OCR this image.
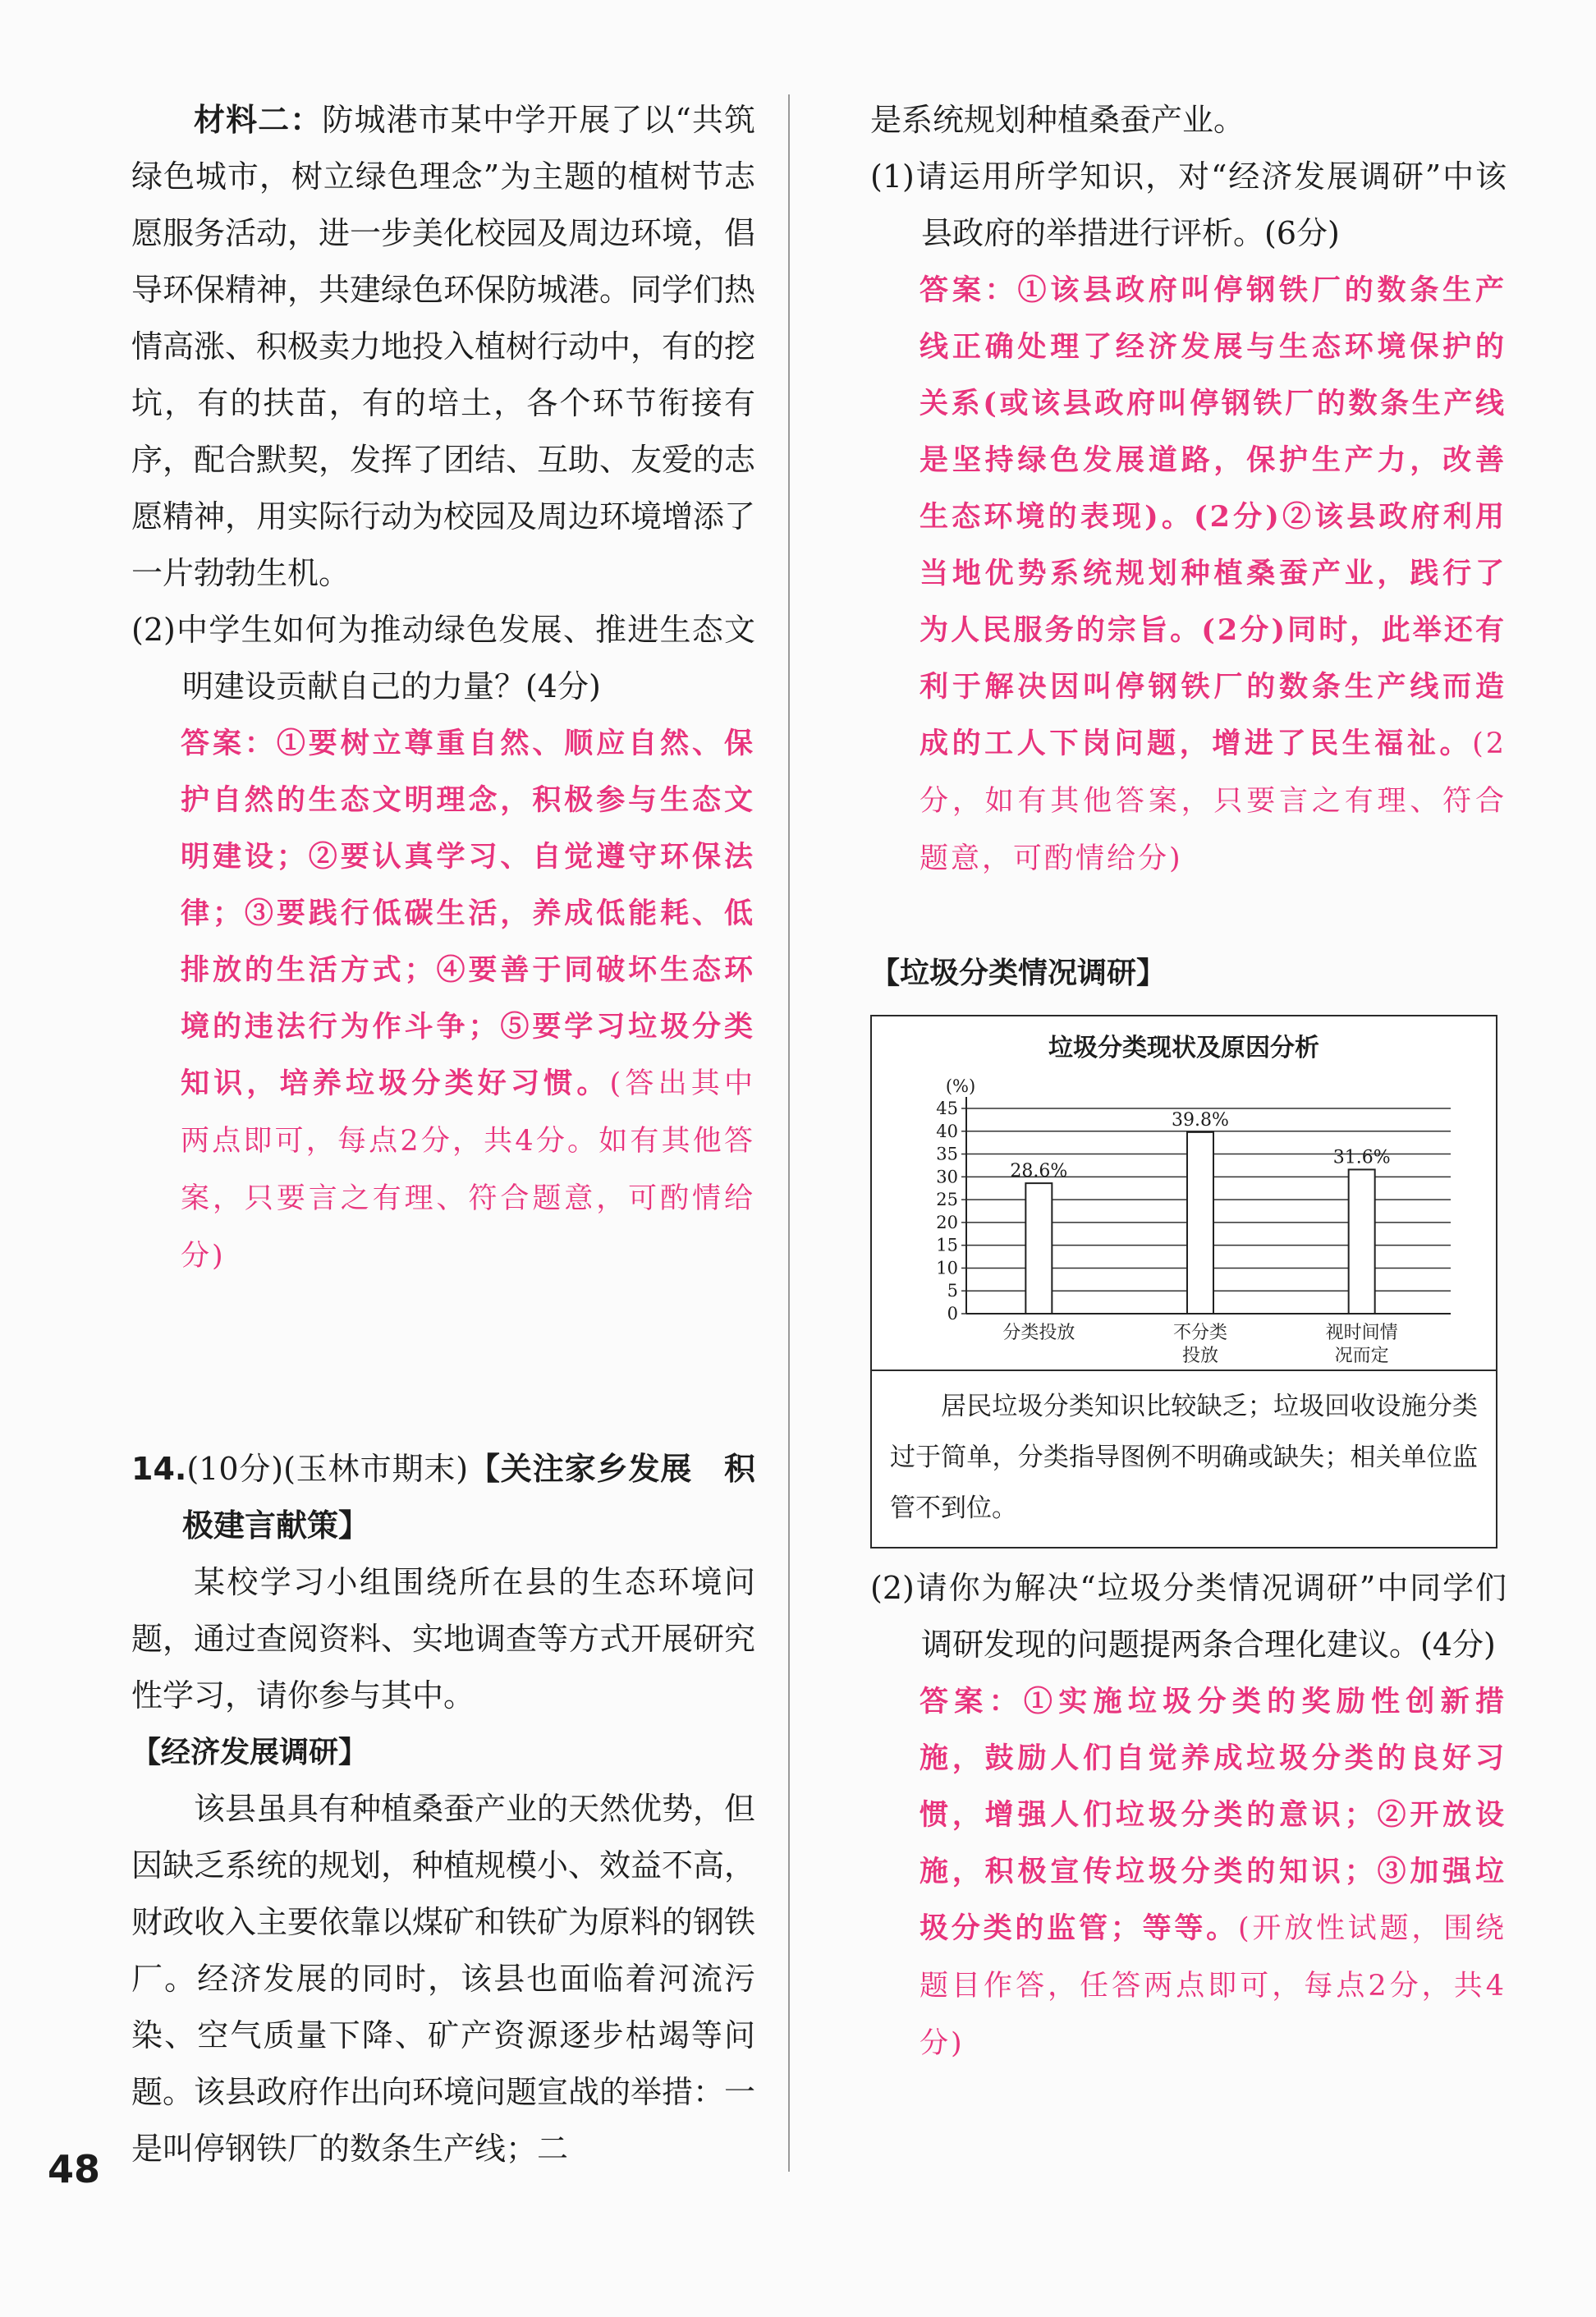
材料二：防城港市某中学开展了以“共筑绿色城市，树立绿色理念”为主题的植树节志愿服务活动，进一步美化校园及周边环境，倡导环保精神，共建绿色环保防城港。同学们热情高涨、积极卖力地投入植树行动中，有的挖坑，有的扶苗，有的培土，各个环节衔接有序，配合默契，发挥了团结、互助、友爱的志愿精神，用实际行动为校园及周边环境增添了一片勃勃生机。

(2)中学生如何为推动绿色发展、推进生态文明建设贡献自己的力量？(4分)

答案：①要树立尊重自然、顺应自然、保护自然的生态文明理念，积极参与生态文明建设；②要认真学习、自觉遵守环保法律；③要践行低碳生活，养成低能耗、低排放的生活方式；④要善于同破坏生态环境的违法行为作斗争；⑤要学习垃圾分类知识，培养垃圾分类好习惯。(答出其中两点即可，每点2分，共4分。如有其他答案，只要言之有理、符合题意，可酌情给分)

14.(10分)(玉林市期末)【关注家乡发展　积极建言献策】

某校学习小组围绕所在县的生态环境问题，通过查阅资料、实地调查等方式开展研究性学习，请你参与其中。

【经济发展调研】

该县虽具有种植桑蚕产业的天然优势，但因缺乏系统的规划，种植规模小、效益不高，财政收入主要依靠以煤矿和铁矿为原料的钢铁厂。经济发展的同时，该县也面临着河流污染、空气质量下降、矿产资源逐步枯竭等问题。该县政府作出向环境问题宣战的举措：一是叫停钢铁厂的数条生产线；二

是系统规划种植桑蚕产业。

(1)请运用所学知识，对“经济发展调研”中该县政府的举措进行评析。(6分)

答案：①该县政府叫停钢铁厂的数条生产线正确处理了经济发展与生态环境保护的关系(或该县政府叫停钢铁厂的数条生产线是坚持绿色发展道路，保护生产力，改善生态环境的表现)。(2分)②该县政府利用当地优势系统规划种植桑蚕产业，践行了为人民服务的宗旨。(2分)同时，此举还有利于解决因叫停钢铁厂的数条生产线而造成的工人下岗问题，增进了民生福祉。(2分，如有其他答案，只要言之有理、符合题意，可酌情给分)

【垃圾分类情况调研】

垃圾分类现状及原因分析
(%)
0
5
10
15
20
25
30
35
40
45
28.6%
分类投放
39.8%
不分类
投放
31.6%
视时间情
况而定
居民垃圾分类知识比较缺乏；垃圾回收设施分类过于简单，分类指导图例不明确或缺失；相关单位监管不到位。

(2)请你为解决“垃圾分类情况调研”中同学们调研发现的问题提两条合理化建议。(4分)

答案：①实施垃圾分类的奖励性创新措施，鼓励人们自觉养成垃圾分类的良好习惯，增强人们垃圾分类的意识；②开放设施，积极宣传垃圾分类的知识；③加强垃圾分类的监管；等等。(开放性试题，围绕题目作答，任答两点即可，每点2分，共4分)

48
